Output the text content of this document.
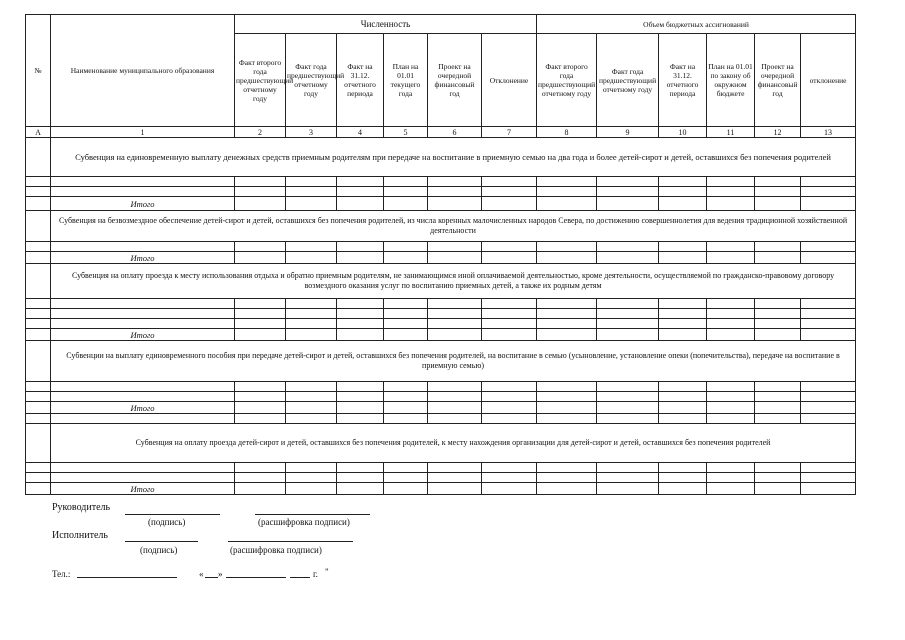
№	Наименование муниципального образования	Численность						Объем бюджетных ассигнований					
		Факт второго года предшествующий отчетному году	Факт года предшествующий отчетному году	Факт на 31.12. отчетного периода	План на 01.01 текущего года	Проект на очередной финансовый год	Отклонение	Факт второго года предшествующий отчетному году	Факт года предшествующий отчетному году	Факт на 31.12. отчетного периода	План на 01.01 по закону об окружном бюджете	Проект на очередной финансовый год	отклонение
А	1	2	3	4	5	6	7	8	9	10	11	12	13
	Субвенция на единовременную выплату денежных средств приемным родителям при передаче на воспитание в приемную семью на два года и более детей-сирот и детей, оставшихся без попечения родителей												

	Итого												
	Субвенция на безвозмездное обеспечение детей-сирот и детей, оставшихся без попечения родителей, из числа коренных малочисленных народов Севера, по достижению совершеннолетия для ведения традиционной хозяйственной деятельности												

	Итого												
	Субвенция на оплату проезда к месту использования отдыха и обратно приемным родителям, не занимающимся иной оплачиваемой деятельностью, кроме деятельности, осуществляемой по гражданско-правовому договору возмездного оказания услуг по воспитанию приемных детей, а также их родным детям												

	Итого												
	Субвенции на выплату единовременного пособия при передаче детей-сирот и детей, оставшихся без попечения родителей, на воспитание в семью (усыновление, установление опеки (попечительства), передаче на воспитание в приемную семью)												

	Итого												

	Субвенция на оплату проезда детей-сирот и детей, оставшихся без попечения родителей, к месту нахождения организации для детей-сирот и детей, оставшихся без попечения родителей												

	Итого												
Руководитель
(подпись)	(расшифровка подписи)
Исполнитель
(подпись)	(расшифровка подписи)
Тел.:	« »	г. "
